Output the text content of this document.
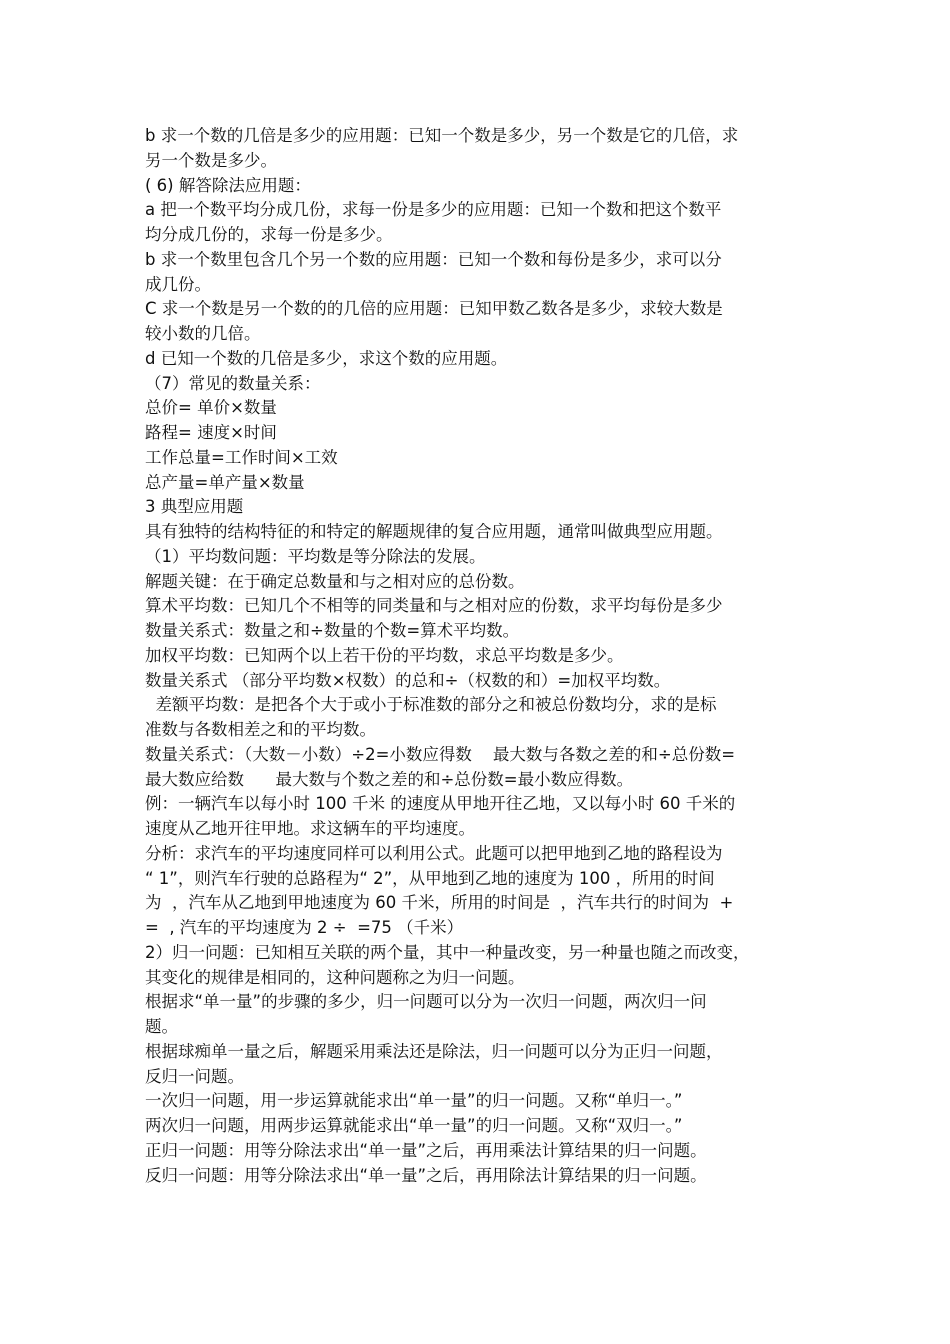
b 求一个数的几倍是多少的应用题：已知一个数是多少，另一个数是它的几倍，求
另一个数是多少。
( 6) 解答除法应用题：
a 把一个数平均分成几份，求每一份是多少的应用题：已知一个数和把这个数平
均分成几份的，求每一份是多少。
b 求一个数里包含几个另一个数的应用题：已知一个数和每份是多少，求可以分
成几份。
C 求一个数是另一个数的的几倍的应用题：已知甲数乙数各是多少，求较大数是
较小数的几倍。
d 已知一个数的几倍是多少，求这个数的应用题。
（7）常见的数量关系：
总价= 单价×数量
路程= 速度×时间
工作总量=工作时间×工效
总产量=单产量×数量
3 典型应用题
具有独特的结构特征的和特定的解题规律的复合应用题，通常叫做典型应用题。
（1）平均数问题：平均数是等分除法的发展。
解题关键：在于确定总数量和与之相对应的总份数。
算术平均数：已知几个不相等的同类量和与之相对应的份数，求平均每份是多少
数量关系式：数量之和÷数量的个数=算术平均数。
加权平均数：已知两个以上若干份的平均数，求总平均数是多少。
数量关系式 （部分平均数×权数）的总和÷（权数的和）=加权平均数。
差额平均数：是把各个大于或小于标准数的部分之和被总份数均分，求的是标
准数与各数相差之和的平均数。
数量关系式：（大数－小数）÷2=小数应得数    最大数与各数之差的和÷总份数=
最大数应给数      最大数与个数之差的和÷总份数=最小数应得数。
例：一辆汽车以每小时 100 千米 的速度从甲地开往乙地，又以每小时 60 千米的
速度从乙地开往甲地。求这辆车的平均速度。
分析：求汽车的平均速度同样可以利用公式。此题可以把甲地到乙地的路程设为
“ 1”，则汽车行驶的总路程为“ 2”，从甲地到乙地的速度为 100 ，所用的时间
为  ，汽车从乙地到甲地速度为 60 千米，所用的时间是  ，汽车共行的时间为  +
=  , 汽车的平均速度为 2 ÷  =75 （千米）
2）归一问题：已知相互关联的两个量，其中一种量改变，另一种量也随之而改变，
其变化的规律是相同的，这种问题称之为归一问题。
根据求“单一量”的步骤的多少，归一问题可以分为一次归一问题，两次归一问
题。
根据球痴单一量之后，解题采用乘法还是除法，归一问题可以分为正归一问题，
反归一问题。
一次归一问题，用一步运算就能求出“单一量”的归一问题。又称“单归一。”
两次归一问题，用两步运算就能求出“单一量”的归一问题。又称“双归一。”
正归一问题：用等分除法求出“单一量”之后，再用乘法计算结果的归一问题。
反归一问题：用等分除法求出“单一量”之后，再用除法计算结果的归一问题。
